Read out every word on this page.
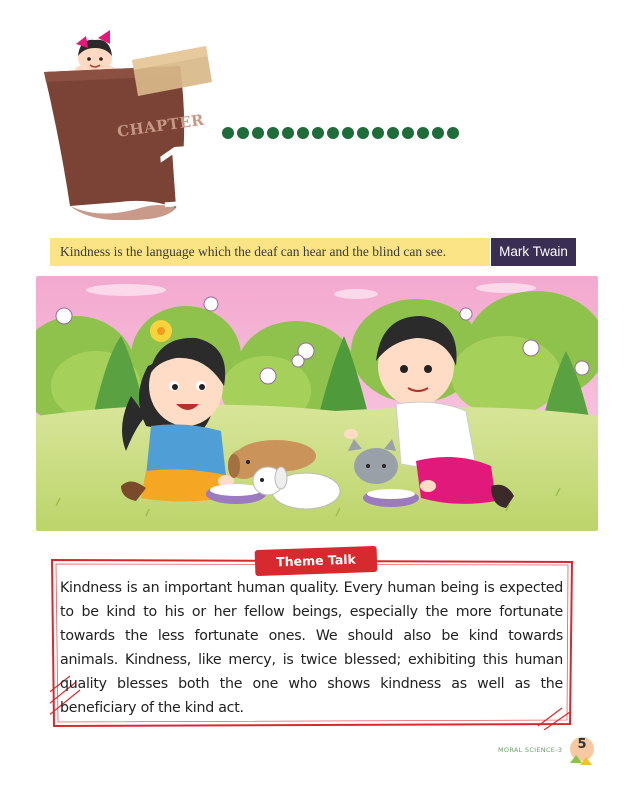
CHAPTER
1
Kindness is the language which the deaf can hear and the blind can see.	Mark Twain
Theme Talk
Kindness is an important human quality. Every human being is expected to be kind to his or her fellow beings, especially the more fortunate towards the less fortunate ones. We should also be kind towards animals. Kindness, like mercy, is twice blessed; exhibiting this human quality blesses both the one who shows kindness as well as the beneficiary of the kind act.
MORAL SCIENCE-3	5
